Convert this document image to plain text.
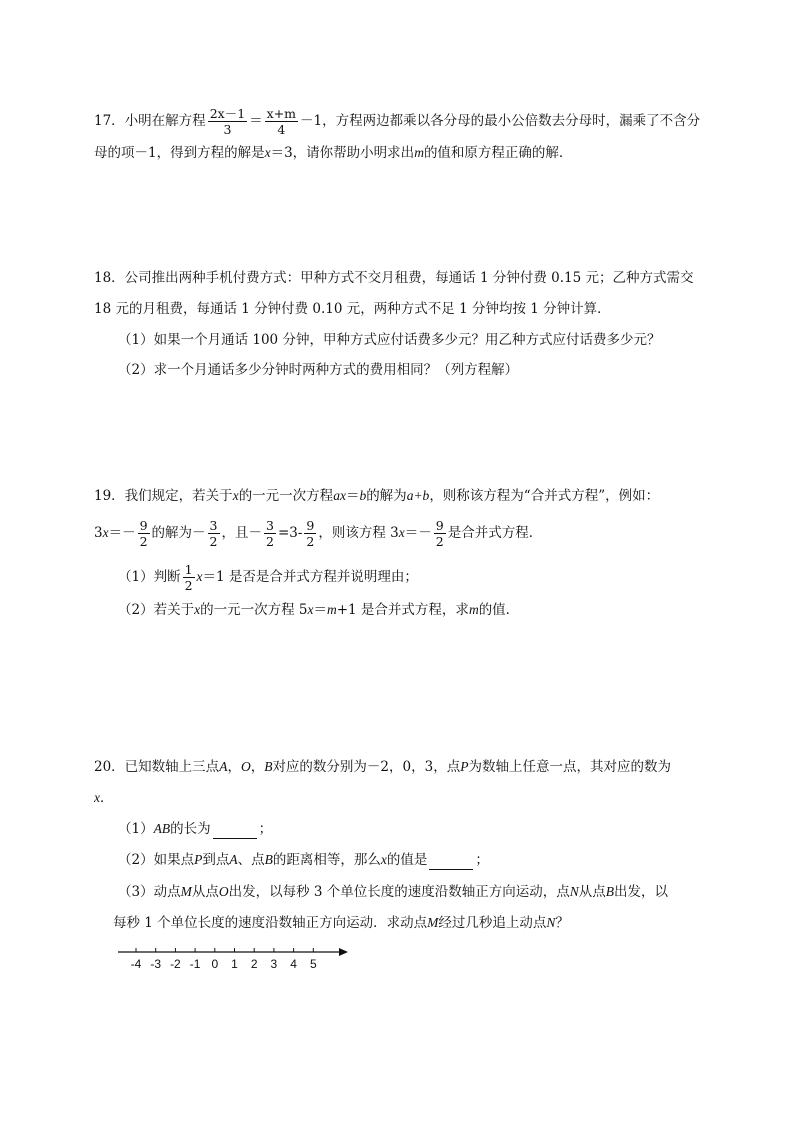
17．小明在解方程 $\frac{2x-1}{3} = \frac{x+m}{4} -1$，方程两边都乘以各分母的最小公倍数去分母时，漏乘了不含分
母的项－1，得到方程的解是x＝3，请你帮助小明求出m的值和原方程正确的解．
18．公司推出两种手机付费方式：甲种方式不交月租费，每通话 1 分钟付费 0.15 元；乙种方式需交
18 元的月租费，每通话 1 分钟付费 0.10 元，两种方式不足 1 分钟均按 1 分钟计算．
（1）如果一个月通话 100 分钟，甲种方式应付话费多少元？用乙种方式应付话费多少元？
（2）求一个月通话多少分钟时两种方式的费用相同？（列方程解）
19．我们规定，若关于x的一元一次方程ax＝b的解为a+b，则称该方程为“合并式方程”，例如：
$3x=- \frac{9}{2}$ 的解为－ $\frac{3}{2}$ ，且－ $\frac{3}{2} =3- \frac{9}{2}$ ，则该方程 $3x=- \frac{9}{2}$ 是合并式方程．
（1）判断 $\frac{1}{2} x=1$ 是否是合并式方程并说明理由；
（2）若关于x的一元一次方程 5x＝m+1 是合并式方程，求m的值．
20．已知数轴上三点A，O，B对应的数分别为－2，0，3，点P为数轴上任意一点，其对应的数为
x．
（1）AB的长为	；
（2）如果点P到点A、点B的距离相等，那么x的值是	；
（3）动点M从点O出发，以每秒 3 个单位长度的速度沿数轴正方向运动，点N从点B出发，以
每秒 1 个单位长度的速度沿数轴正方向运动．求动点M经过几秒追上动点N？
-4 -3 -2 -1 0 1 2 3 4 5
